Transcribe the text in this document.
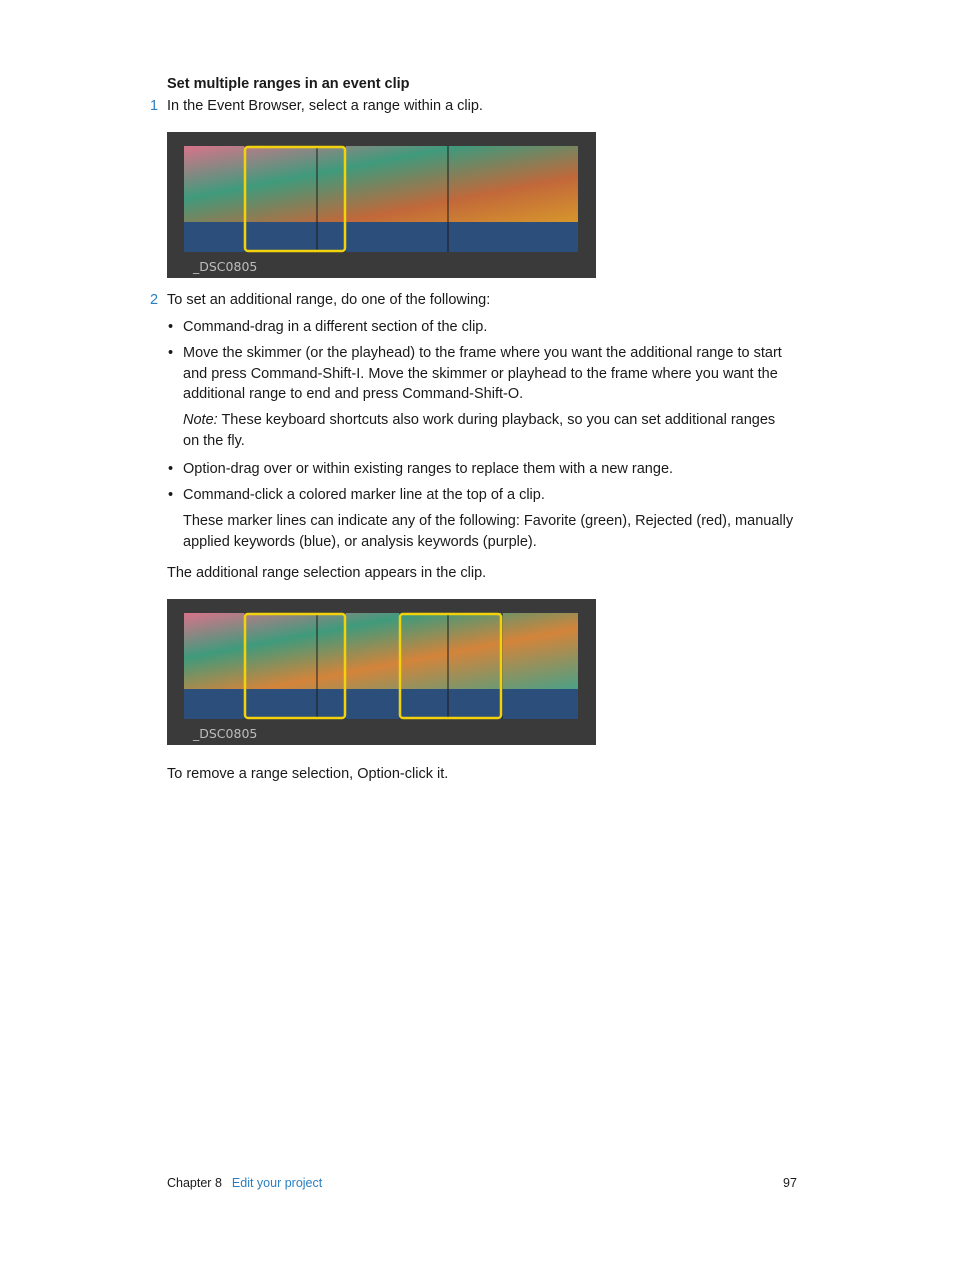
Set multiple ranges in an event clip
1 In the Event Browser, select a range within a clip.
_DSC0805
2 To set an additional range, do one of the following:
• Command-drag in a different section of the clip.
• Move the skimmer (or the playhead) to the frame where you want the additional range to start and press Command-Shift-I. Move the skimmer or playhead to the frame where you want the additional range to end and press Command-Shift-O.
Note: These keyboard shortcuts also work during playback, so you can set additional ranges on the fly.
• Option-drag over or within existing ranges to replace them with a new range.
• Command-click a colored marker line at the top of a clip.
These marker lines can indicate any of the following: Favorite (green), Rejected (red), manually applied keywords (blue), or analysis keywords (purple).
The additional range selection appears in the clip.
_DSC0805
To remove a range selection, Option-click it.
Chapter 8 Edit your project	97
